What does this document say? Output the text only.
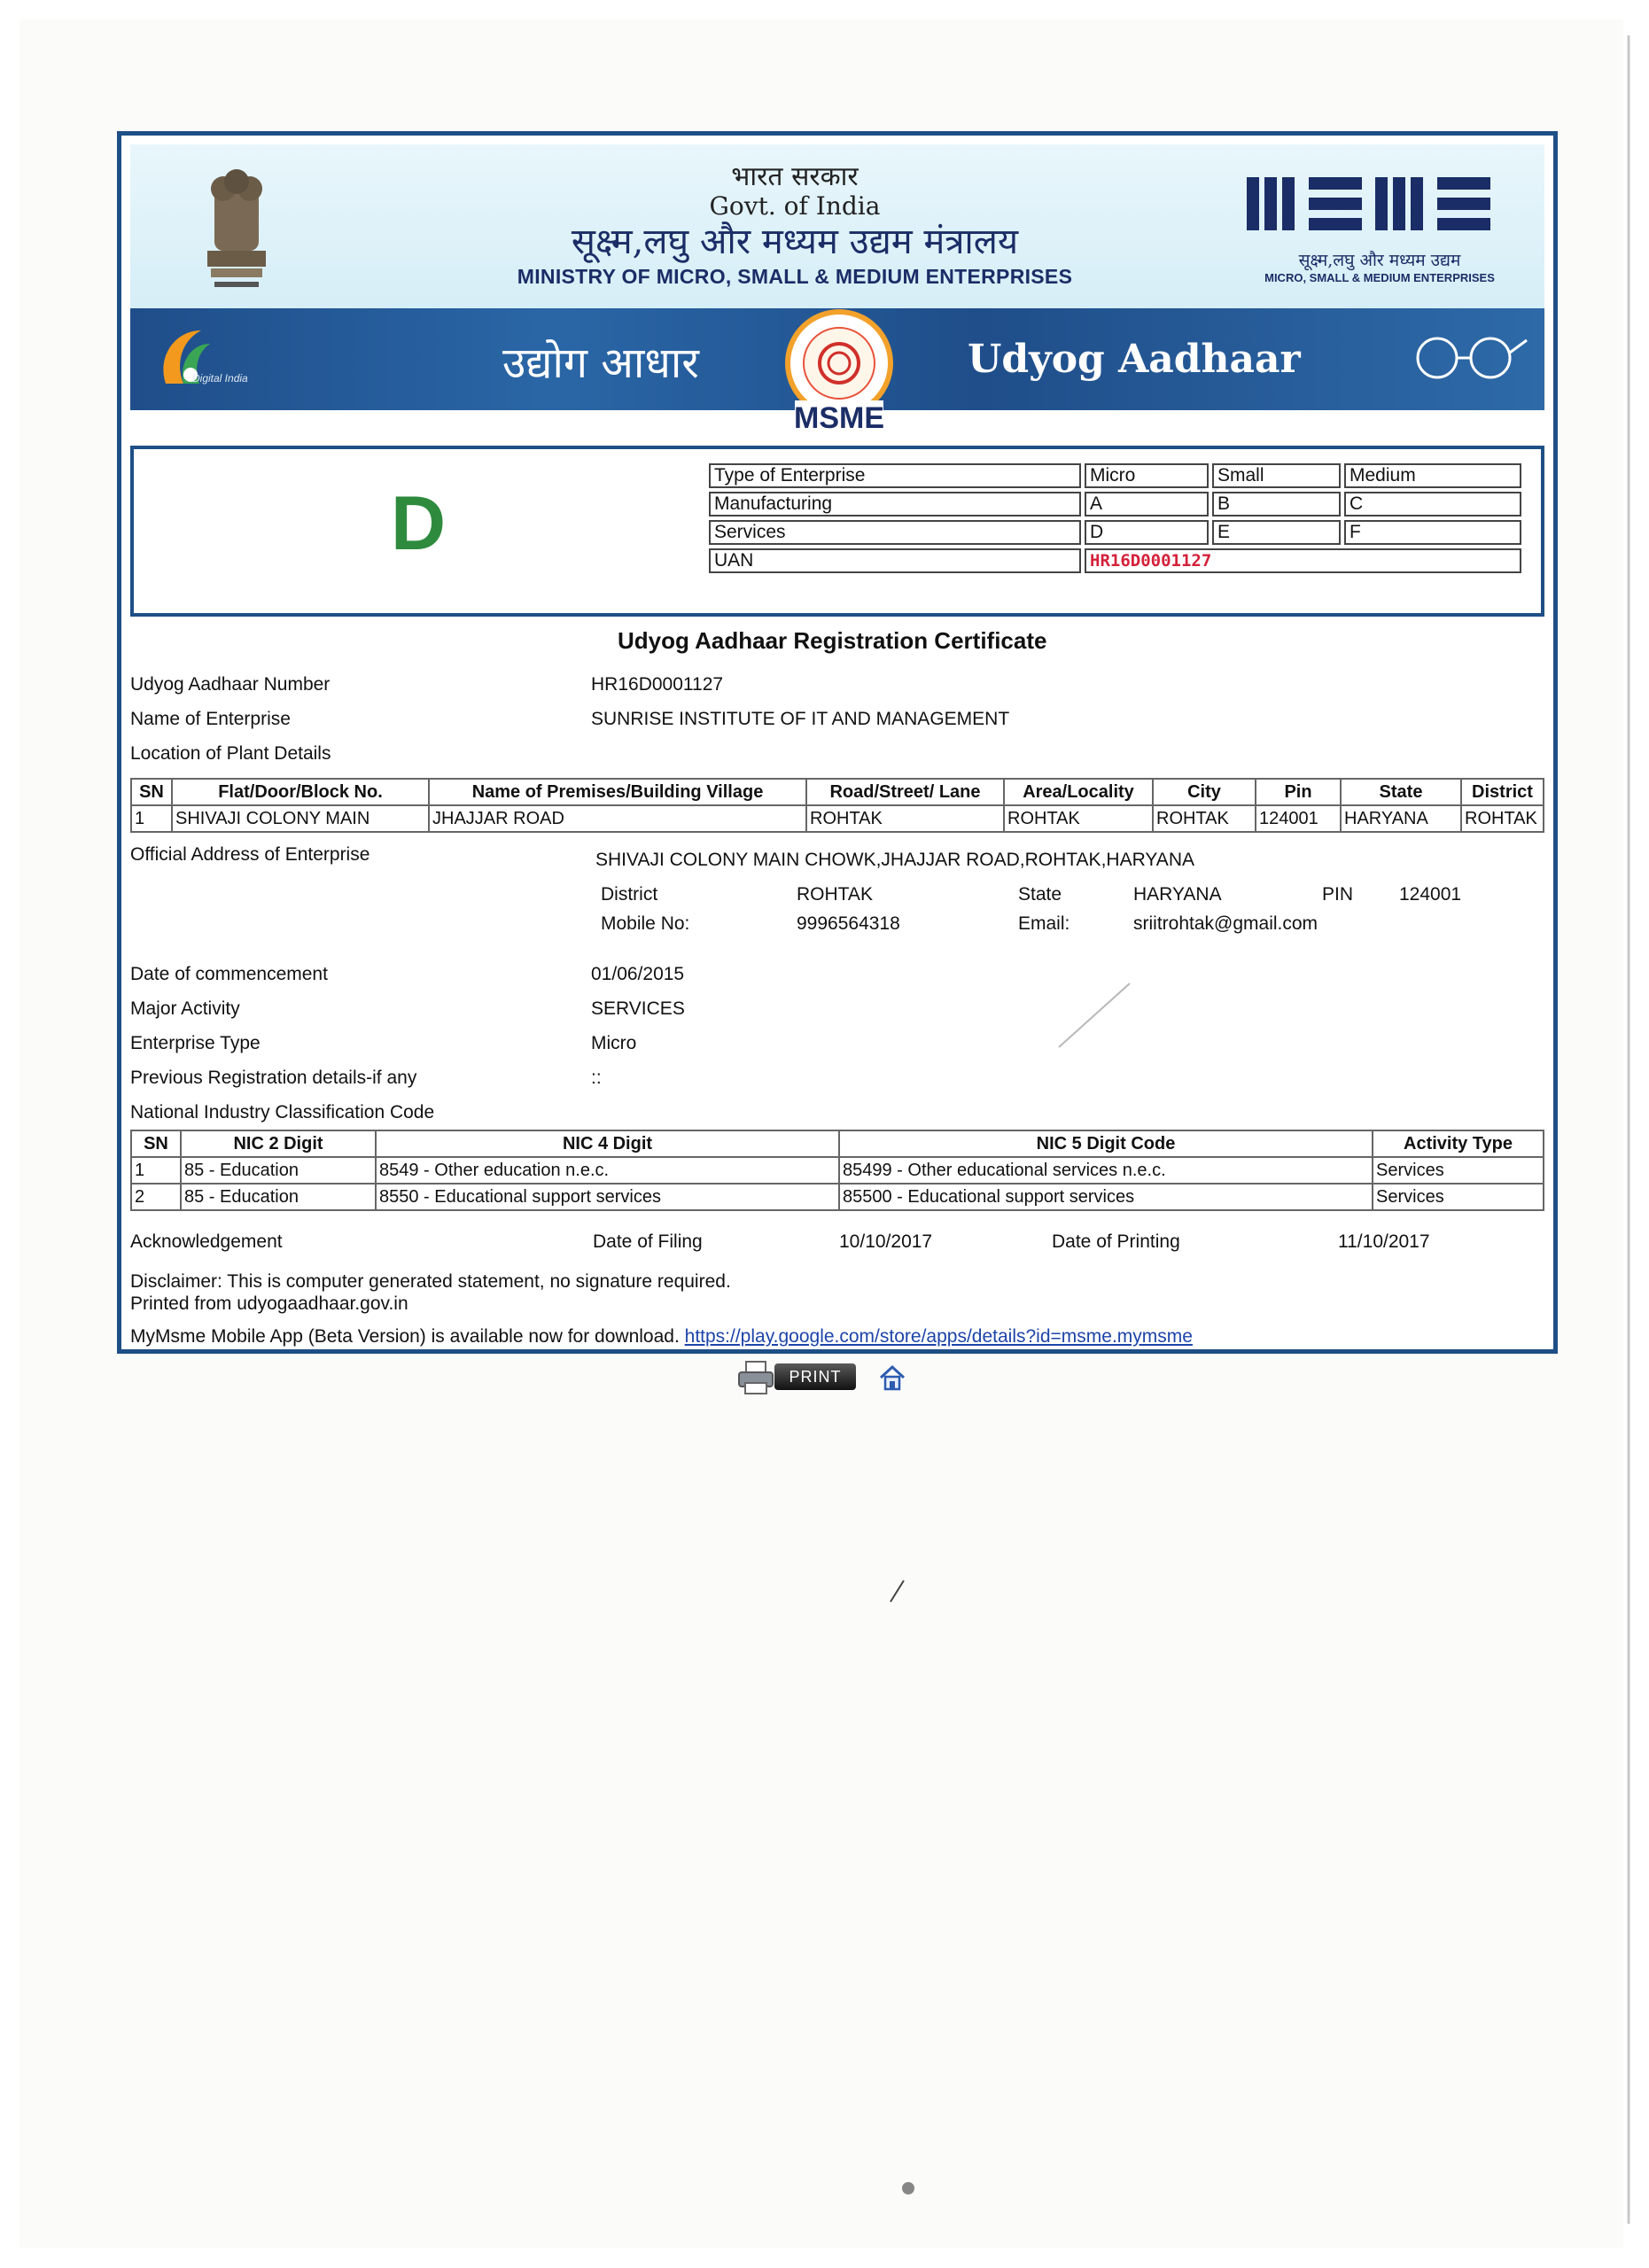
भारत सरकार
Govt. of India
सूक्ष्म,लघु और मध्यम उद्यम मंत्रालय
MINISTRY OF MICRO, SMALL & MEDIUM ENTERPRISES
सूक्ष्म,लघु और मध्यम उद्यम
MICRO, SMALL & MEDIUM ENTERPRISES
Digital India	उद्योग आधार
MSME
Udyog Aadhaar
D
Type of Enterprise	Micro	Small	Medium
Manufacturing	A	B	C
Services	D	E	F
UAN	HR16D0001127		
Udyog Aadhaar Registration Certificate
Udyog Aadhaar Number	HR16D0001127
Name of Enterprise	SUNRISE INSTITUTE OF IT AND MANAGEMENT
Location of Plant Details
SN	Flat/Door/Block No.	Name of Premises/Building Village	Road/Street/ Lane	Area/Locality	City	Pin	State	District
1	SHIVAJI COLONY MAIN	JHAJJAR ROAD	ROHTAK	ROHTAK	ROHTAK	124001	HARYANA	ROHTAK
Official Address of Enterprise	SHIVAJI COLONY MAIN CHOWK,JHAJJAR ROAD,ROHTAK,HARYANA
District	ROHTAK	State	HARYANA	PIN 124001
Mobile No:	9996564318	Email:	sriitrohtak@gmail.com
Date of commencement	01/06/2015
Major Activity	SERVICES
Enterprise Type	Micro
Previous Registration details-if any	::
National Industry Classification Code
SN	NIC 2 Digit	NIC 4 Digit	NIC 5 Digit Code	Activity Type
1	85 - Education	8549 - Other education n.e.c.	85499 - Other educational services n.e.c.	Services
2	85 - Education	8550 - Educational support services	85500 - Educational support services	Services
Acknowledgement	Date of Filing	10/10/2017	Date of Printing	11/10/2017
Disclaimer: This is computer generated statement, no signature required.
Printed from udyogaadhaar.gov.in
MyMsme Mobile App (Beta Version) is available now for download. https://play.google.com/store/apps/details?id=msme.mymsme
PRINT
